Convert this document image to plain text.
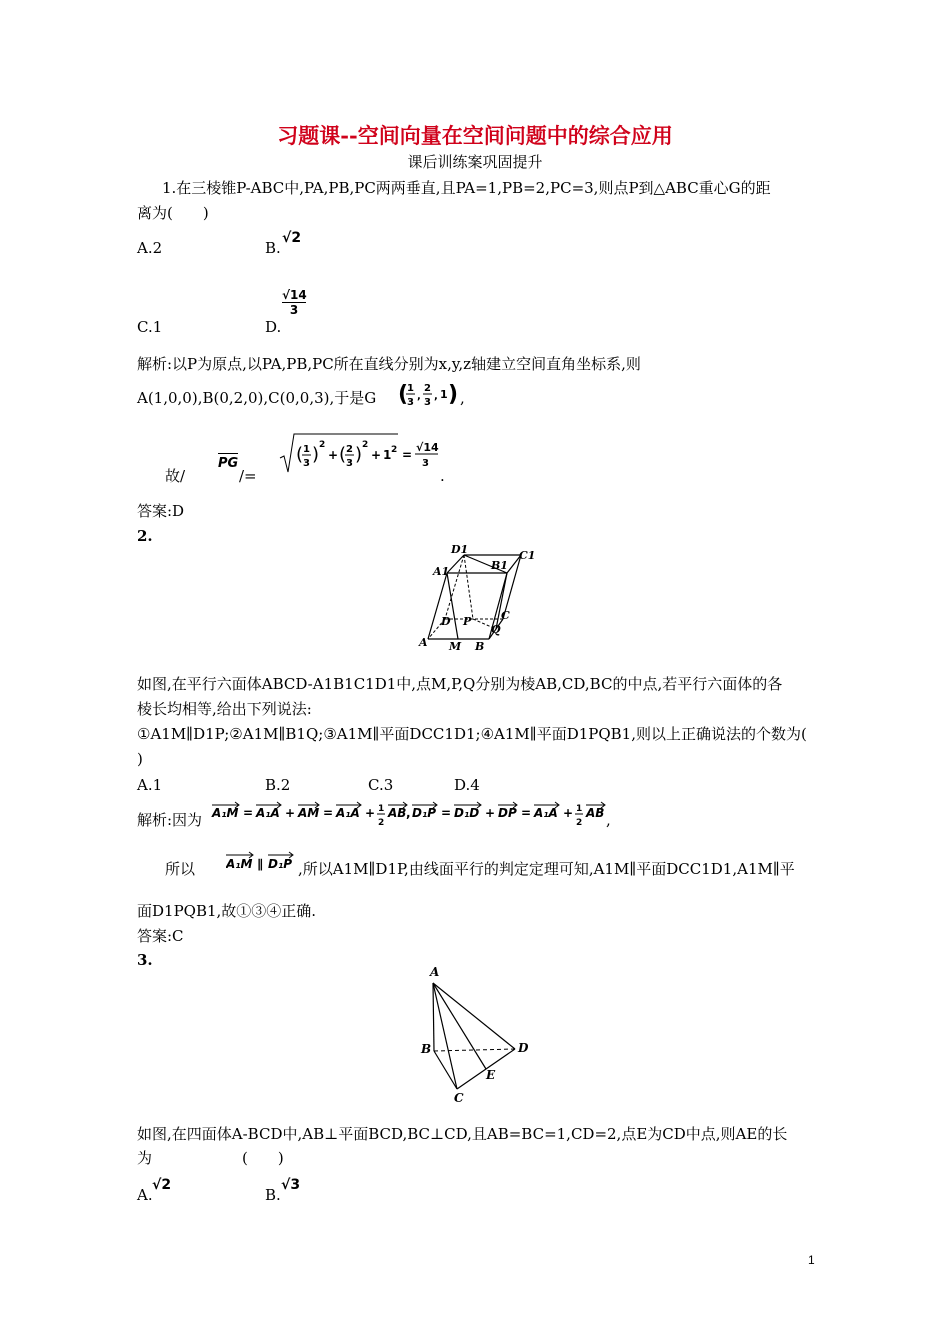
习题课--空间向量在空间问题中的综合应用
课后训练案巩固提升
1.在三棱锥P-ABC中,PA,PB,PC两两垂直,且PA=1,PB=2,PC=3,则点P到△ABC重心G的距
离为(　　)
A.2	B.
√2
C.1	D.
$\frac{√14}{3}$
解析:以P为原点,以PA,PB,PC所在直线分别为x,y,z轴建立空间直角坐标系,则
A(1,0,0),B(0,2,0),C(0,0,3),于是G (
1
3
,
2
3
, 1 ) ,
故/
PG
/=
( 1
3 ) 2
+ ( 2
3 ) 2
+ 1 2 =
√14
3
.
答案:D
2.
D1	C1
A1	B1
D P	C
Q
A M B
如图,在平行六面体ABCD-A1B1C1D1中,点M,P,Q分别为棱AB,CD,BC的中点,若平行六面体的各
棱长均相等,给出下列说法:
①A1M∥D1P;②A1M∥B1Q;③A1M∥平面DCC1D1;④A1M∥平面D1PQB1,则以上正确说法的个数为(
)
A.1	B.2	C.3	D.4
解析:因为 A₁M = A₁A + AM = A₁A + 1
2
AB , D₁P = D₁D + DP = A₁A + 1
2
AB ,
所以	A₁M ∥ D₁P ,所以A1M∥D1P,由线面平行的判定定理可知,A1M∥平面DCC1D1,A1M∥平
面D1PQB1,故①③④正确.
答案:C
3.
A
B	D
E
C
如图,在四面体A-BCD中,AB⊥平面BCD,BC⊥CD,且AB=BC=1,CD=2,点E为CD中点,则AE的长
为　　　　　　(　　)
A.
√2
B.
√3
1
